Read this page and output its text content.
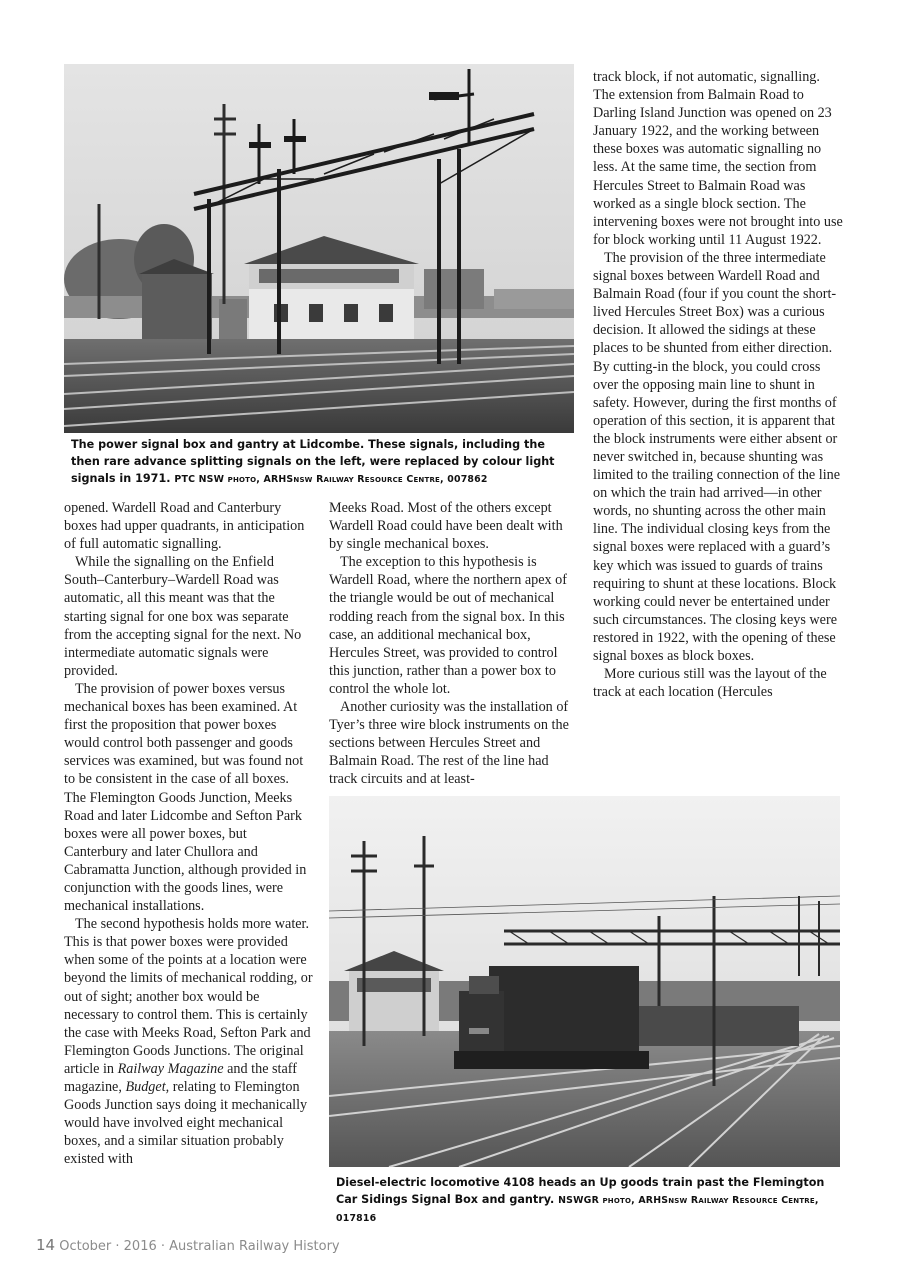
The power signal box and gantry at Lidcombe. These signals, including the then rare advance splitting signals on the left, were replaced by colour light signals in 1971. PTC NSW photo, ARHSnsw Railway Resource Centre, 007862

opened. Wardell Road and Canterbury boxes had upper quadrants, in anticipation of full automatic signalling.

While the signalling on the Enfield South–Canterbury–Wardell Road was automatic, all this meant was that the starting signal for one box was separate from the accepting signal for the next. No intermediate automatic signals were provided.

The provision of power boxes versus mechanical boxes has been examined. At first the proposition that power boxes would control both passenger and goods services was examined, but was found not to be consistent in the case of all boxes. The Flemington Goods Junction, Meeks Road and later Lidcombe and Sefton Park boxes were all power boxes, but Canterbury and later Chullora and Cabramatta Junction, although provided in conjunction with the goods lines, were mechanical installations.

The second hypothesis holds more water. This is that power boxes were provided when some of the points at a location were beyond the limits of mechanical rodding, or out of sight; another box would be necessary to control them. This is certainly the case with Meeks Road, Sefton Park and Flemington Goods Junctions. The original article in Railway Magazine and the staff magazine, Budget, relating to Flemington Goods Junction says doing it mechanically would have involved eight mechanical boxes, and a similar situation probably existed with

Meeks Road. Most of the others except Wardell Road could have been dealt with by single mechanical boxes.

The exception to this hypothesis is Wardell Road, where the northern apex of the triangle would be out of mechanical rodding reach from the signal box. In this case, an additional mechanical box, Hercules Street, was provided to control this junction, rather than a power box to control the whole lot.

Another curiosity was the installation of Tyer’s three wire block instruments on the sections between Hercules Street and Balmain Road. The rest of the line had track circuits and at least-

track block, if not automatic, signalling. The extension from Balmain Road to Darling Island Junction was opened on 23 January 1922, and the working between these boxes was automatic signalling no less. At the same time, the section from Hercules Street to Balmain Road was worked as a single block section. The intervening boxes were not brought into use for block working until 11 August 1922.

The provision of the three intermediate signal boxes between Wardell Road and Balmain Road (four if you count the short-lived Hercules Street Box) was a curious decision. It allowed the sidings at these places to be shunted from either direction. By cutting-in the block, you could cross over the opposing main line to shunt in safety. However, during the first months of operation of this section, it is apparent that the block instruments were either absent or never switched in, because shunting was limited to the trailing connection of the line on which the train had arrived—in other words, no shunting across the other main line. The individual closing keys from the signal boxes were replaced with a guard’s key which was issued to guards of trains requiring to shunt at these locations. Block working could never be entertained under such circumstances. The closing keys were restored in 1922, with the opening of these signal boxes as block boxes.

More curious still was the layout of the track at each location (Hercules

Diesel-electric locomotive 4108 heads an Up goods train past the Flemington Car Sidings Signal Box and gantry. NSWGR photo, ARHSnsw Railway Resource Centre, 017816
14 October · 2016 · Australian Railway History
